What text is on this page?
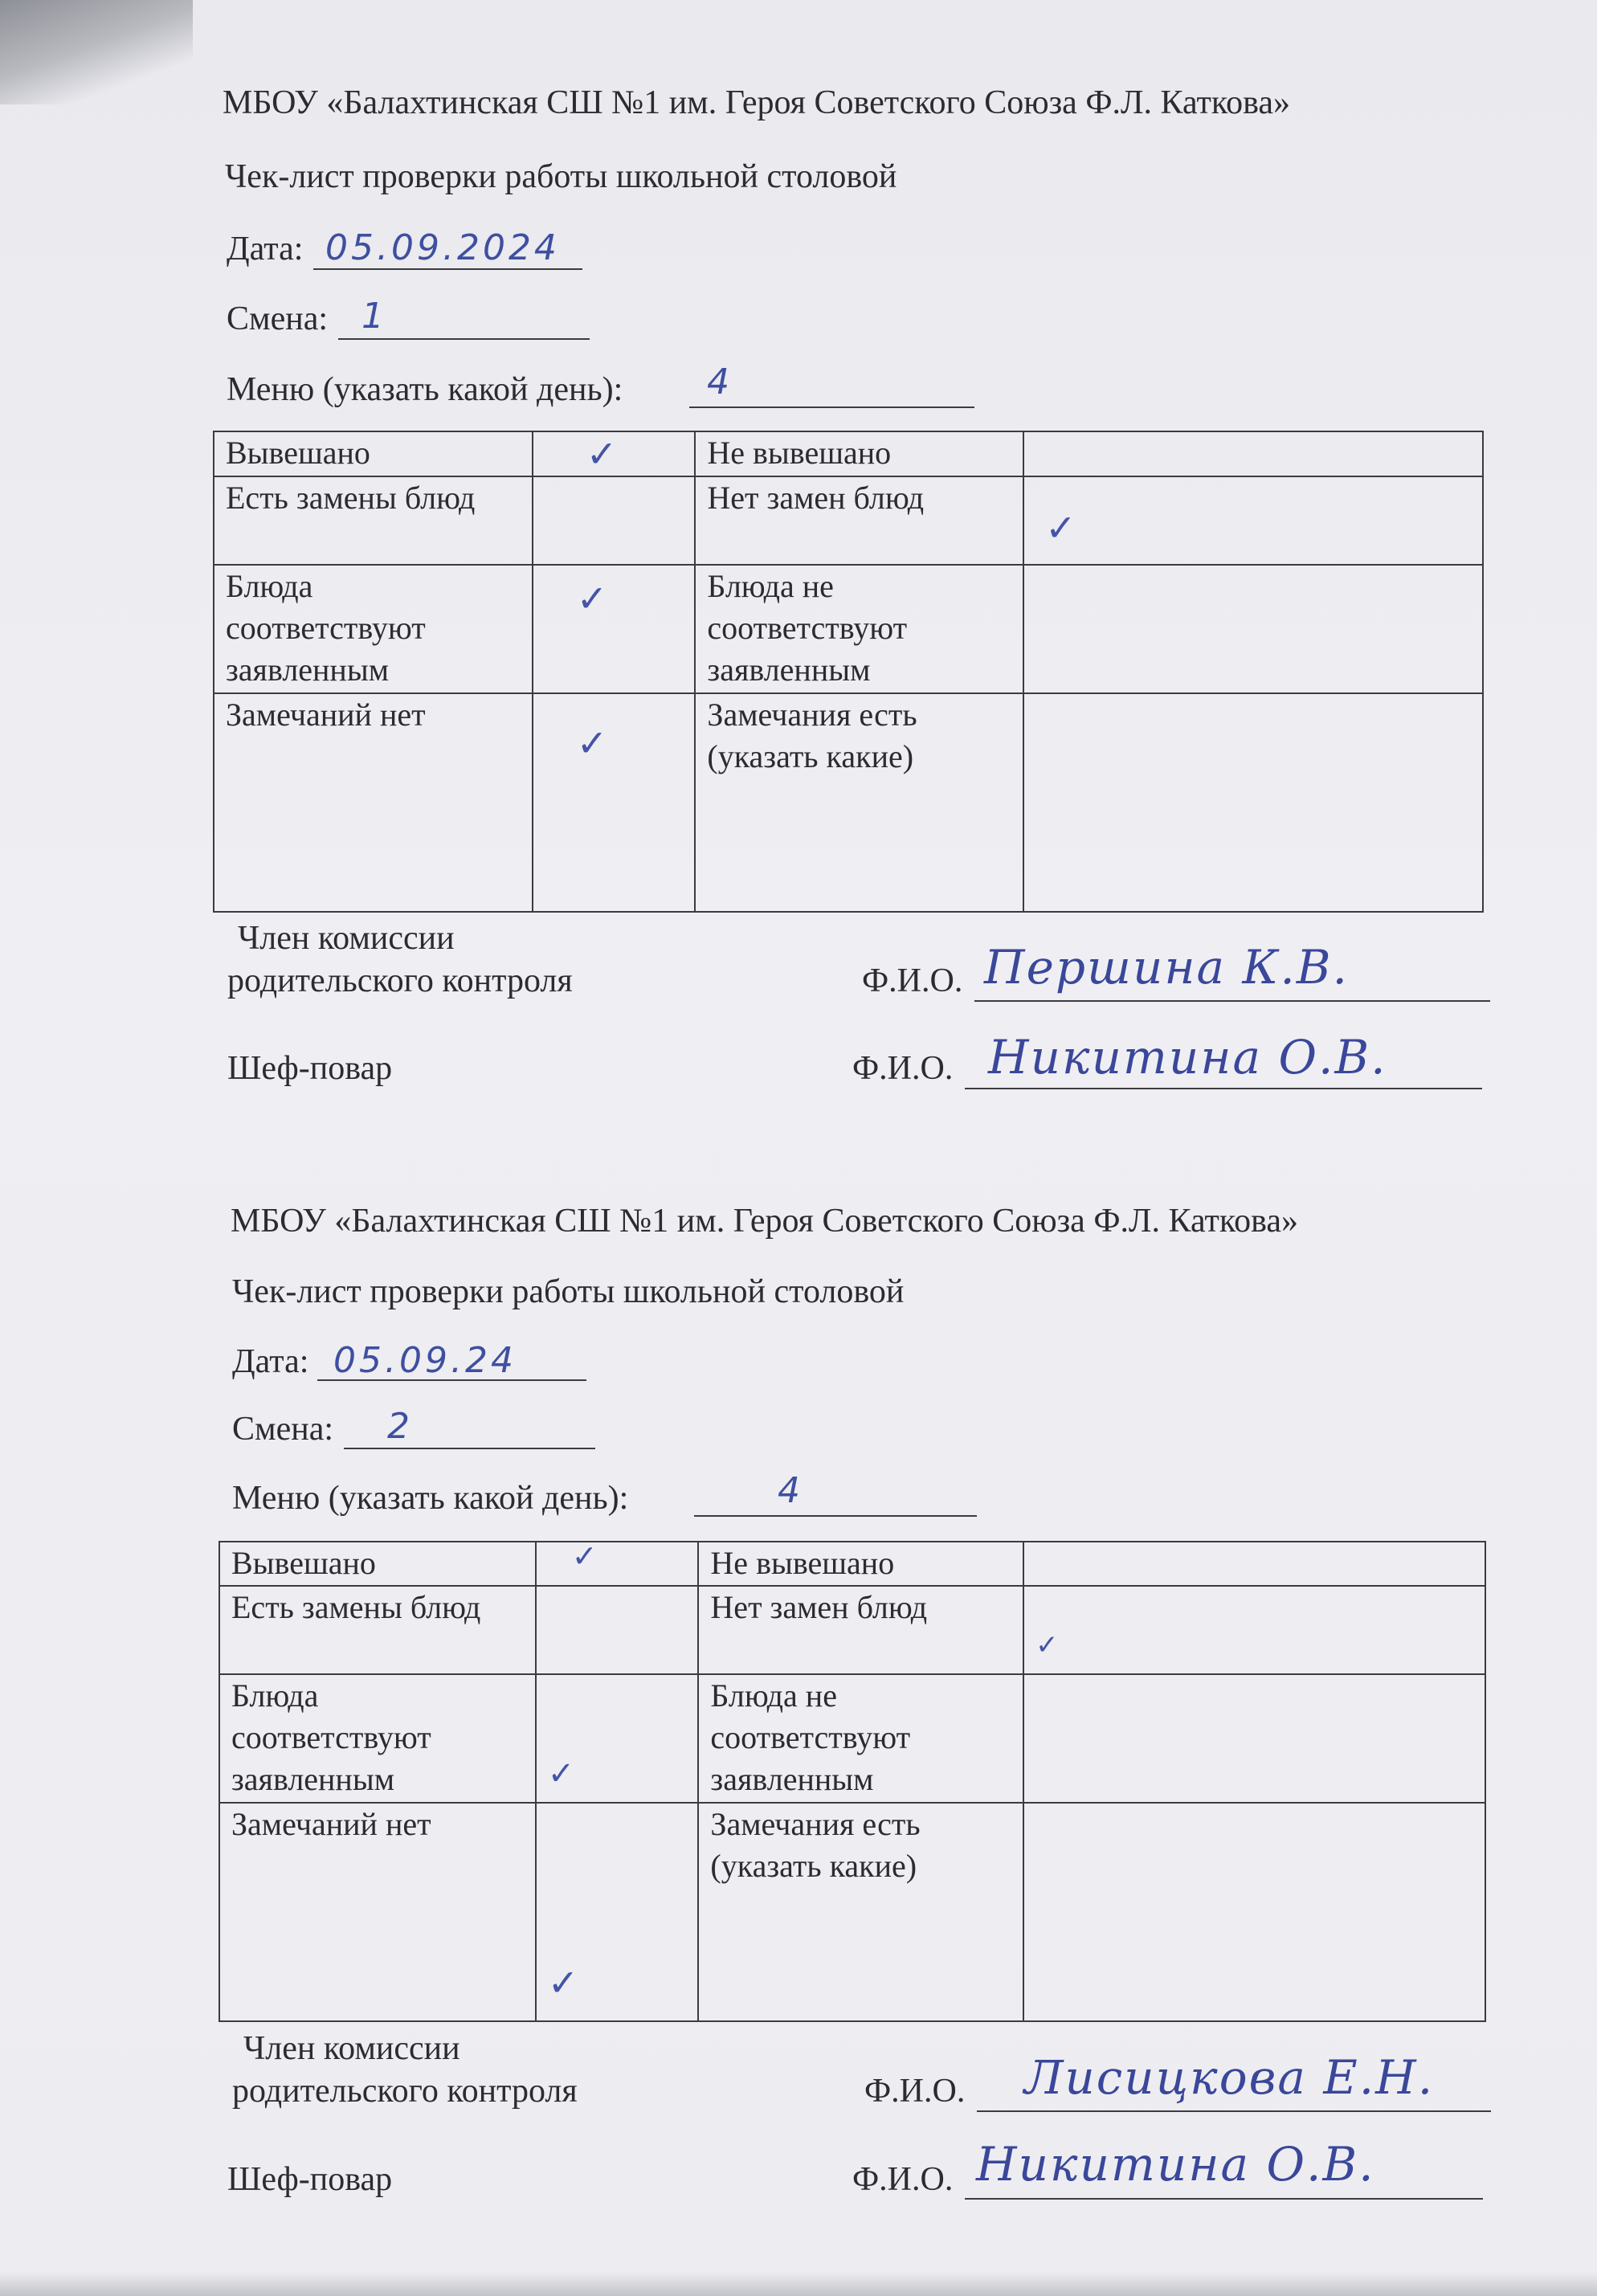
МБОУ «Балахтинская СШ №1 им. Героя Советского Союза Ф.Л. Каткова»
Чек-лист проверки работы школьной столовой
Дата: 05.09.2024
Смена: 1
Меню (указать какой день): 4
Вывешано	✓	Не вывешано	

Есть замены блюд		Нет замен блюд	✓

Блюда соответствуют заявленным	✓	Блюда не соответствуют заявленным	

Замечаний нет	✓	Замечания есть (указать какие)	
Член комиссии
родительского контроля	Ф.И.О. Першина К.В.
Шеф-повар	Ф.И.О. Никитина О.В.
МБОУ «Балахтинская СШ №1 им. Героя Советского Союза Ф.Л. Каткова»
Чек-лист проверки работы школьной столовой
Дата: 05.09.24
Смена: 2
Меню (указать какой день):	4
Вывешано	✓	Не вывешано	

Есть замены блюд		Нет замен блюд	✓

Блюда соответствуют заявленным	✓	Блюда не соответствуют заявленным	

Замечаний нет	✓	Замечания есть (указать какие)	
Член комиссии
родительского контроля	Ф.И.О. Лисицкова Е.Н.
Шеф-повар	Ф.И.О. Никитина О.В.
